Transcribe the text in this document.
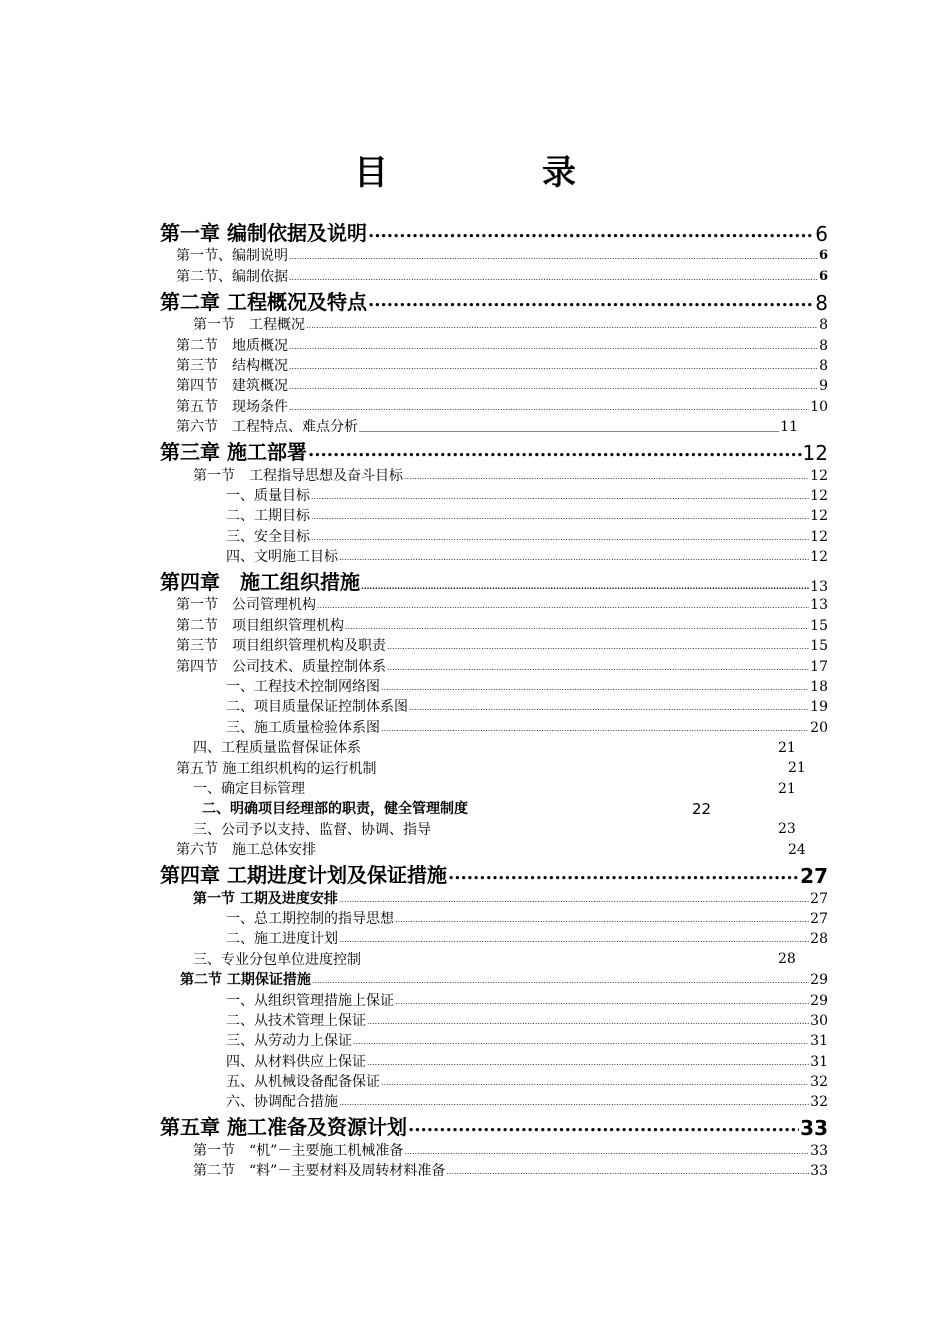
目　录
第一章 编制依据及说明 .....	6
第一节、编制说明 .....	6
第二节、编制依据 .....	6
第二章 工程概况及特点 .....	8
第一节　工程概况 .....	8
第二节　地质概况 .....	8
第三节　结构概况 .....	8
第四节　建筑概况 .....	9
第五节　现场条件 .....	10
第六节　工程特点、难点分析	11
第三章 施工部署 .....	12
第一节　工程指导思想及奋斗目标 .....	12
一、质量目标 .....	12
二、工期目标 .....	12
三、安全目标 .....	12
四、文明施工目标 .....	12
第四章　施工组织措施 .....	13
第一节　公司管理机构 .....	13
第二节　项目组织管理机构 .....	15
第三节　项目组织管理机构及职责 .....	15
第四节　公司技术、质量控制体系 .....	17
一、工程技术控制网络图 .....	18
二、项目质量保证控制体系图 .....	19
三、施工质量检验体系图 .....	20
四、工程质量监督保证体系	21
第五节 施工组织机构的运行机制	21
一、确定目标管理	21
二、明确项目经理部的职责，健全管理制度	22
三、公司予以支持、监督、协调、指导	23
第六节　施工总体安排	24
第四章 工期进度计划及保证措施 .....	27
第一节 工期及进度安排 .....	27
一、总工期控制的指导思想 .....	27
二、施工进度计划 .....	28
三、专业分包单位进度控制	28
第二节 工期保证措施 .....	29
一、从组织管理措施上保证 .....	29
二、从技术管理上保证 .....	30
三、从劳动力上保证 .....	31
四、从材料供应上保证 .....	31
五、从机械设备配备保证 .....	32
六、协调配合措施 .....	32
第五章 施工准备及资源计划 .....	33
第一节　“机”－主要施工机械准备 .....	33
第二节　“料”－主要材料及周转材料准备 .....	33
